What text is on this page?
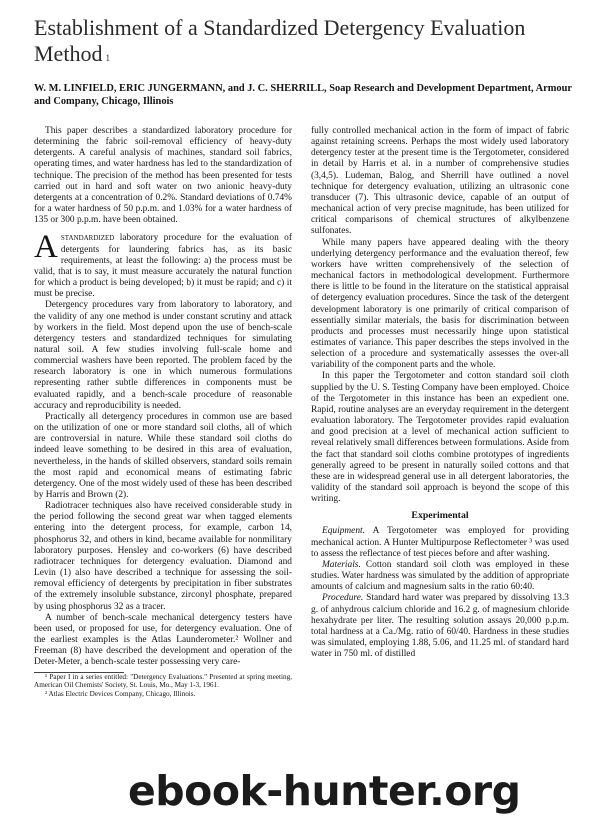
Establishment of a Standardized Detergency Evaluation Method $^1$
W. M. LINFIELD, ERIC JUNGERMANN, and J. C. SHERRILL, Soap Research and Development Department, Armour and Company, Chicago, Illinois

This paper describes a standardized laboratory procedure for determining the fabric soil-removal efficiency of heavy-duty detergents. A careful analysis of machines, standard soil fabrics, operating times, and water hardness has led to the standardization of technique. The precision of the method has been presented for tests carried out in hard and soft water on two anionic heavy-duty detergents at a concentration of 0.2%. Standard deviations of 0.74% for a water hardness of 50 p.p.m. and 1.03% for a water hardness of 135 or 300 p.p.m. have been obtained.

Astandardized laboratory procedure for the evaluation of detergents for laundering fabrics has, as its basic requirements, at least the following: a) the process must be valid, that is to say, it must measure accurately the natural function for which a product is being developed; b) it must be rapid; and c) it must be precise.

Detergency procedures vary from laboratory to laboratory, and the validity of any one method is under constant scrutiny and attack by workers in the field. Most depend upon the use of bench-scale detergency testers and standardized techniques for simulating natural soil. A few studies involving full-scale home and commercial washers have been reported. The problem faced by the research laboratory is one in which numerous formulations representing rather subtle differences in components must be evaluated rapidly, and a bench-scale procedure of reasonable accuracy and reproducibility is needed.

Practically all detergency procedures in common use are based on the utilization of one or more standard soil cloths, all of which are controversial in nature. While these standard soil cloths do indeed leave something to be desired in this area of evaluation, nevertheless, in the hands of skilled observers, standard soils remain the most rapid and economical means of estimating fabric detergency. One of the most widely used of these has been described by Harris and Brown (2).

Radiotracer techniques also have received considerable study in the period following the second great war when tagged elements entering into the detergent process, for example, carbon 14, phosphorus 32, and others in kind, became available for nonmilitary laboratory purposes. Hensley and co-workers (6) have described radiotracer techniques for detergency evaluation. Diamond and Levin (1) also have described a technique for assessing the soil-removal efficiency of detergents by precipitation in fiber substrates of the extremely insoluble substance, zirconyl phosphate, prepared by using phosphorus 32 as a tracer.

A number of bench-scale mechanical detergency testers have been used, or proposed for use, for detergency evaluation. One of the earliest examples is the Atlas Launderometer.² Wollner and Freeman (8) have described the development and operation of the Deter-Meter, a bench-scale tester possessing very care-

¹ Paper I in a series entitled: "Detergency Evaluations." Presented at spring meeting, American Oil Chemists' Society, St. Louis, Mo., May 1-3, 1961.

² Atlas Electric Devices Company, Chicago, Illinois.

fully controlled mechanical action in the form of impact of fabric against retaining screens. Perhaps the most widely used laboratory detergency tester at the present time is the Tergotometer, considered in detail by Harris et al. in a number of comprehensive studies (3,4,5). Ludeman, Balog, and Sherrill have outlined a novel technique for detergency evaluation, utilizing an ultrasonic cone transducer (7). This ultrasonic device, capable of an output of mechanical action of very precise magnitude, has been utilized for critical comparisons of chemical structures of alkylbenzene sulfonates.

While many papers have appeared dealing with the theory underlying detergency performance and the evaluation thereof, few workers have written comprehensively of the selection of mechanical factors in methodological development. Furthermore there is little to be found in the literature on the statistical appraisal of detergency evaluation procedures. Since the task of the detergent development laboratory is one primarily of critical comparison of essentially similar materials, the basis for discrimination between products and processes must necessarily hinge upon statistical estimates of variance. This paper describes the steps involved in the selection of a procedure and systematically assesses the over-all variability of the component parts and the whole.

In this paper the Tergotometer and cotton standard soil cloth supplied by the U. S. Testing Company have been employed. Choice of the Tergotometer in this instance has been an expedient one. Rapid, routine analyses are an everyday requirement in the detergent evaluation laboratory. The Tergotometer provides rapid evaluation and good precision at a level of mechanical action sufficient to reveal relatively small differences between formulations. Aside from the fact that standard soil cloths combine prototypes of ingredients generally agreed to be present in naturally soiled cottons and that these are in widespread general use in all detergent laboratories, the validity of the standard soil approach is beyond the scope of this writing.

Experimental

Equipment. A Tergotometer was employed for providing mechanical action. A Hunter Multipurpose Reflectometer ³ was used to assess the reflectance of test pieces before and after washing.

Materials. Cotton standard soil cloth was employed in these studies. Water hardness was simulated by the addition of appropriate amounts of calcium and magnesium salts in the ratio 60:40.

Procedure. Standard hard water was prepared by dissolving 13.3 g. of anhydrous calcium chloride and 16.2 g. of magnesium chloride hexahydrate per liter. The resulting solution assays 20,000 p.p.m. total hardness at a Ca./Mg. ratio of 60/40. Hardness in these studies was simulated, employing 1.88, 5.06, and 11.25 ml. of standard hard water in 750 ml. of distilled

ebook-hunter.org
